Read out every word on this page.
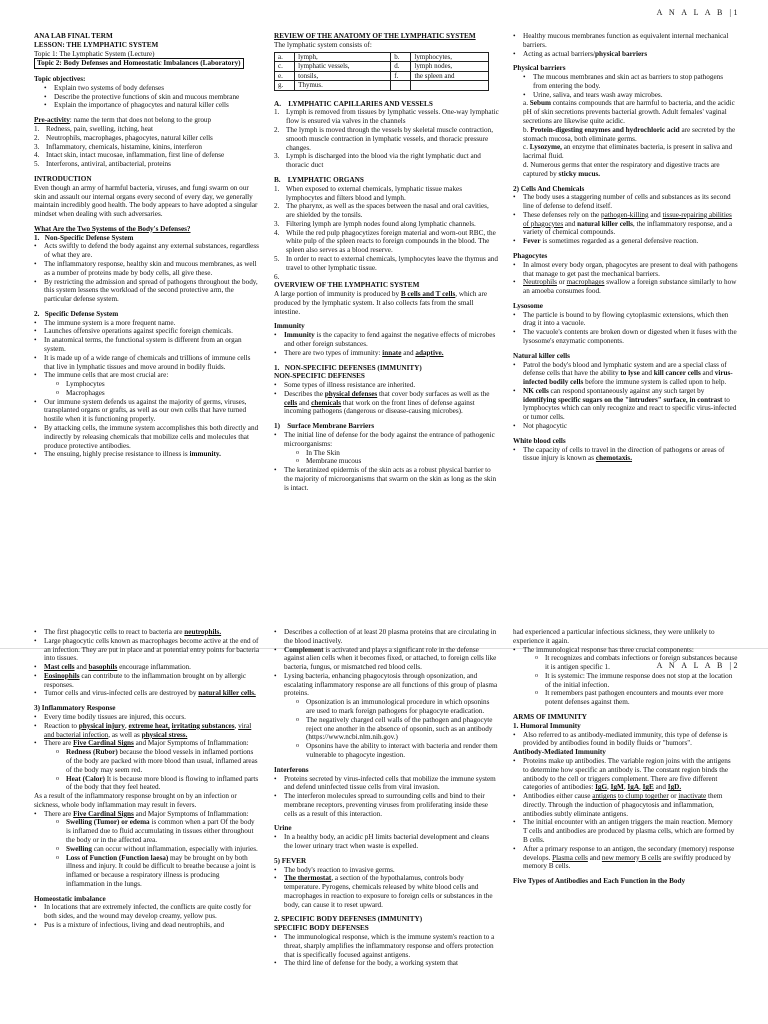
A N A L A B |1

ANA LAB FINAL TERM

LESSON: THE LYMPHATIC SYSTEM

Topic 1: The Lymphatic System (Lecture)

Topic 2: Body Defenses and Homeostatic Imbalances (Laboratory)

Topic objectives:

• Explain two systems of body defenses
• Describe the protective functions of skin and mucous membrane
• Explain the importance of phagocytes and natural killer cells

Pre-activity: name the term that does not belong to the group

1. Redness, pain, swelling, itching, heat
2. Neutrophils, macrophages, phagocytes, natural killer cells
3. Inflammatory, chemicals, histamine, kinins, interferon
4. Intact skin, intact mucosae, inflammation, first line of defense
5. Interferons, antiviral, antibacterial, proteins

INTRODUCTION

Even though an army of harmful bacteria, viruses, and fungi swarm on our skin and assault our internal organs every second of every day, we generally maintain incredibly good health. The body appears to have adopted a singular mindset when dealing with such adversaries.

What Are the Two Systems of the Body's Defenses?

1.   Non-Specific Defense System

• Acts swiftly to defend the body against any external substances, regardless of what they are.
• The inflammatory response, healthy skin and mucous membranes, as well as a number of proteins made by body cells, all give these.
• By restricting the admission and spread of pathogens throughout the body, this system lessens the workload of the second protective arm, the particular defense system.

2.   Specific Defense System

• The immune system is a more frequent name.
• Launches offensive operations against specific foreign chemicals.
• In anatomical terms, the functional system is different from an organ system.
• It is made up of a wide range of chemicals and trillions of immune cells that live in lymphatic tissues and move around in bodily fluids.
• The immune cells that are most crucial are:
o Lymphocytes
o Macrophages
• Our immune system defends us against the majority of germs, viruses, transplanted organs or grafts, as well as our own cells that have turned hostile when it is functioning properly.
• By attacking cells, the immune system accomplishes this both directly and indirectly by releasing chemicals that mobilize cells and molecules that produce protective antibodies.
• The ensuing, highly precise resistance to illness is immunity.

REVIEW OF THE ANATOMY OF THE LYMPHATIC SYSTEM

The lymphatic system consists of:

a.	lymph,	b.	lymphocytes,
c.	lymphatic vessels,	d.	lymph nodes,
e.	tonsils,	f.	the spleen and
g.	Thymus.		

A.    LYMPHATIC CAPILLARIES AND VESSELS

1. Lymph is removed from tissues by lymphatic vessels. One-way lymphatic flow is ensured via valves in the channels
2. The lymph is moved through the vessels by skeletal muscle contraction, smooth muscle contraction in lymphatic vessels, and thoracic pressure changes.
3. Lymph is discharged into the blood via the right lymphatic duct and thoracic duct

B.    LYMPHATIC ORGANS

1. When exposed to external chemicals, lymphatic tissue makes lymphocytes and filters blood and lymph.
2. The pharynx, as well as the spaces between the nasal and oral cavities, are shielded by the tonsils.
3. Filtering lymph are lymph nodes found along lymphatic channels.
4. While the red pulp phagocytizes foreign material and worn-out RBC, the white pulp of the spleen reacts to foreign compounds in the blood. The spleen also serves as a blood reserve.
5. In order to react to external chemicals, lymphocytes leave the thymus and travel to other lymphatic tissue.

6.

OVERVIEW OF THE LYMPHATIC SYSTEM

A large portion of immunity is produced by B cells and T cells, which are produced by the lymphatic system. It also collects fats from the small intestine.

Immunity

• Immunity is the capacity to fend against the negative effects of microbes and other foreign substances.
• There are two types of immunity: innate and adaptive.

1.   NON-SPECIFIC DEFENSES (IMMUNITY)

NON-SPECIFIC DEFENSES

• Some types of illness resistance are inherited.
• Describes the physical defenses that cover body surfaces as well as the cells and chemicals that work on the front lines of defense against incoming pathogens (dangerous or disease-causing microbes).

1)    Surface Membrane Barriers

• The initial line of defense for the body against the entrance of pathogenic microorganisms:
o In The Skin
o Membrane mucous
• The keratinized epidermis of the skin acts as a robust physical barrier to the majority of microorganisms that swarm on the skin as long as the skin is intact.
• Healthy mucous membranes function as equivalent internal mechanical barriers.
• Acting as actual barriers/physical barriers

Physical barriers

• The mucous membranes and skin act as barriers to stop pathogens from entering the body.
• Urine, saliva, and tears wash away microbes.

a. Sebum contains compounds that are harmful to bacteria, and the acidic pH of skin secretions prevents bacterial growth. Adult females' vaginal secretions are likewise quite acidic.

b. Protein-digesting enzymes and hydrochloric acid are secreted by the stomach mucosa, both eliminate germs.

c. Lysozyme, an enzyme that eliminates bacteria, is present in saliva and lacrimal fluid.

d. Numerous germs that enter the respiratory and digestive tracts are captured by sticky mucus.

2) Cells And Chemicals

• The body uses a staggering number of cells and substances as its second line of defense to defend itself.
• These defenses rely on the pathogen-killing and tissue-repairing abilities of phagocytes and natural killer cells, the inflammatory response, and a variety of chemical compounds.
• Fever is sometimes regarded as a general defensive reaction.

Phagocytes

• In almost every body organ, phagocytes are present to deal with pathogens that manage to get past the mechanical barriers.
• Neutrophils or macrophages swallow a foreign substance similarly to how an amoeba consumes food.

Lysosome

• The particle is bound to by flowing cytoplasmic extensions, which then drag it into a vacuole.
• The vacuole's contents are broken down or digested when it fuses with the lysosome's enzymatic components.

Natural killer cells

• Patrol the body's blood and lymphatic system and are a special class of defense cells that have the ability to lyse and kill cancer cells and virus-infected bodily cells before the immune system is called upon to help.
• NK cells can respond spontaneously against any such target by identifying specific sugars on the "intruders" surface, in contrast to lymphocytes which can only recognize and react to specific virus-infected or tumor cells.
• Not phagocytic

White blood cells

• The capacity of cells to travel in the direction of pathogens or areas of tissue injury is known as chemotaxis.
A N A L A B |2
• The first phagocytic cells to react to bacteria are neutrophils.
• Large phagocytic cells known as macrophages become active at the end of an infection. They are put in place and at potential entry points for bacteria into tissues.
• Mast cells and basophils encourage inflammation.
• Eosinophils can contribute to the inflammation brought on by allergic responses.
• Tumor cells and virus-infected cells are destroyed by natural killer cells.

3) Inflammatory Response

• Every time bodily tissues are injured, this occurs.
• Reaction to physical injury, extreme heat, irritating substances, viral and bacterial infection, as well as physical stress.
• There are Five Cardinal Signs and Major Symptoms of Inflammation:
o Redness (Rubor) because the blood vessels in inflamed portions of the body are packed with more blood than usual, inflamed areas of the body may seem red.
o Heat (Calor) It is because more blood is flowing to inflamed parts of the body that they feel heated.

As a result of the inflammatory response brought on by an infection or sickness, whole body inflammation may result in fevers.

• There are Five Cardinal Signs and Major Symptoms of Inflammation:
o Swelling (Tumor) or edema is common when a part Of the body is inflamed due to fluid accumulating in tissues either throughout the body or in the affected area.
o Swelling can occur without inflammation, especially with injuries.
o Loss of Function (Function laesa) may be brought on by both illness and injury. It could be difficult to breathe because a joint is inflamed or because a respiratory illness is producing inflammation in the lungs.

Homeostatic imbalance

• In locations that are extremely infected, the conflicts are quite costly for both sides, and the wound may develop creamy, yellow pus.
• Pus is a mixture of infectious, living and dead neutrophils, and
• Describes a collection of at least 20 plasma proteins that are circulating in the blood inactively.
• Complement is activated and plays a significant role in the defense against alien cells when it becomes fixed, or attached, to foreign cells like bacteria, fungus, or mismatched red blood cells.
• Lysing bacteria, enhancing phagocytosis through opsonization, and escalating inflammatory response are all functions of this group of plasma proteins.
o Opsonization is an immunological procedure in which opsonins are used to mark foreign pathogens for phagocyte eradication.
o The negatively charged cell walls of the pathogen and phagocyte reject one another in the absence of opsonin, such as an antibody (https://www.ncbi.nlm.nih.gov.)
o Opsonins have the ability to interact with bacteria and render them vulnerable to phagocyte ingestion.

Interferons

• Proteins secreted by virus-infected cells that mobilize the immune system and defend uninfected tissue cells from viral invasion.
• The interferon molecules spread to surrounding cells and bind to their membrane receptors, preventing viruses from proliferating inside these cells as a result of this interaction.

Urine

• In a healthy body, an acidic pH limits bacterial development and cleans the lower urinary tract when waste is expelled.

5) FEVER

• The body's reaction to invasive germs.
• The thermostat, a section of the hypothalamus, controls body temperature. Pyrogens, chemicals released by white blood cells and macrophages in reaction to exposure to foreign cells or substances in the body, can cause it to reset upward.

2. SPECIFIC BODY DEFENSES (IMMUNITY)

SPECIFIC BODY DEFENSES

• The immunological response, which is the immune system's reaction to a threat, sharply amplifies the inflammatory response and offers protection that is specifically focused against antigens.
• The third line of defense for the body, a working system that

had experienced a particular infectious sickness, they were unlikely to experience it again.

• The immunological response has three crucial components:
o It recognizes and combats infections or foreign substances because it is antigen specific 1.
o It is systemic: The immune response does not stop at the location of the initial infection.
o It remembers past pathogen encounters and mounts ever more potent defenses against them.

ARMS OF IMMUNITY

1. Humoral Immunity

• Also referred to as antibody-mediated immunity, this type of defense is provided by antibodies found in bodily fluids or "humors".

Antibody-Mediated Immunity

• Proteins make up antibodies. The variable region joins with the antigens to determine how specific an antibody is. The constant region binds the antibody to the cell or triggers complement. There are five different categories of antibodies: IgG, IgM, IgA, IgE and IgD.
• Antibodies either cause antigens to clump together or inactivate them directly. Through the induction of phagocytosis and inflammation, antibodies subtly eliminate antigens.
• The initial encounter with an antigen triggers the main reaction. Memory T cells and antibodies are produced by plasma cells, which are formed by B cells.
• After a primary response to an antigen, the secondary (memory) response develops. Plasma cells and new memory B cells are swiftly produced by memory B cells.

Five Types of Antibodies and Each Function in the Body
